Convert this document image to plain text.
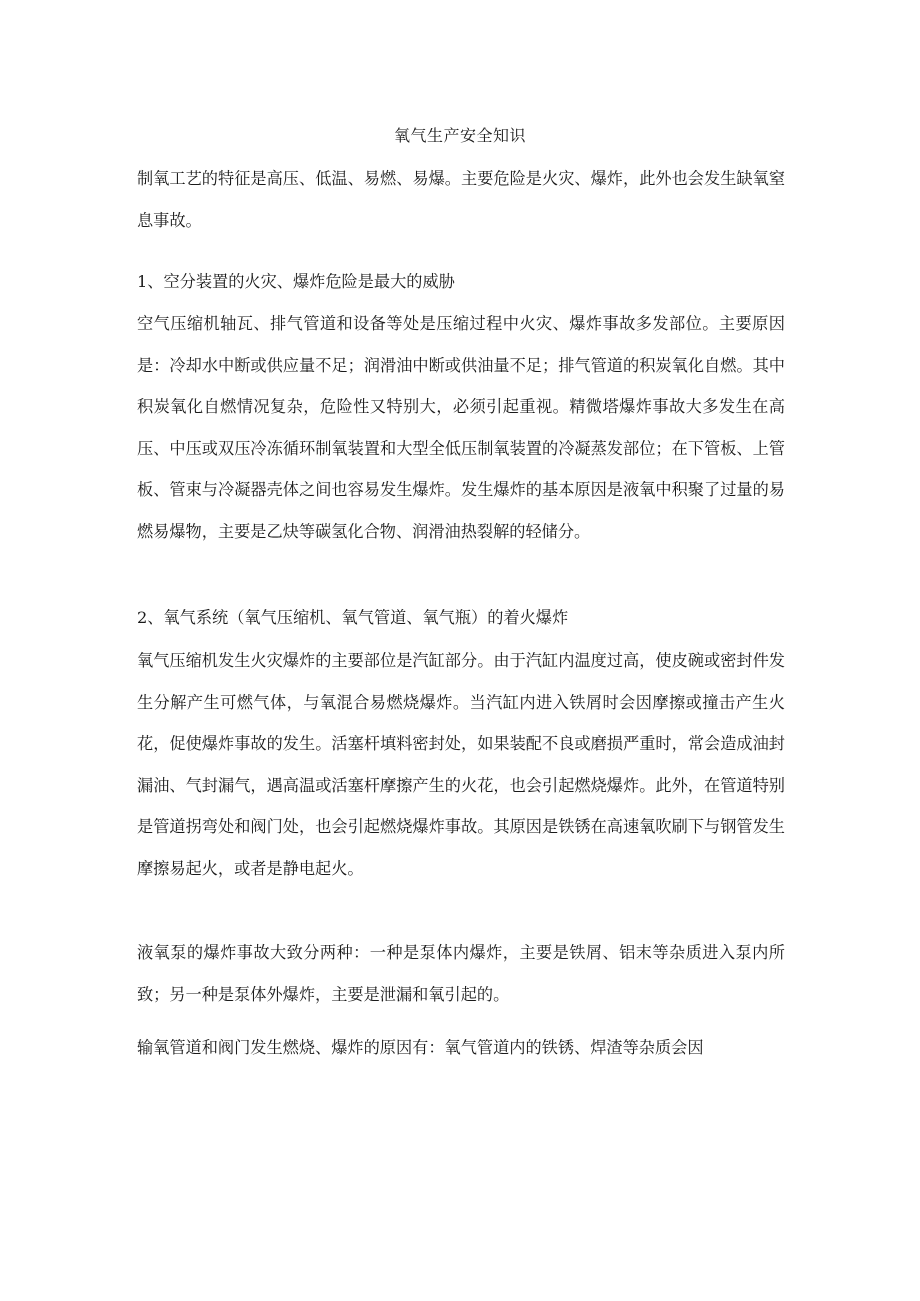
氧气生产安全知识

制氧工艺的特征是高压、低温、易燃、易爆。主要危险是火灾、爆炸，此外也会发生缺氧窒息事故。

1、空分装置的火灾、爆炸危险是最大的威胁

空气压缩机轴瓦、排气管道和设备等处是压缩过程中火灾、爆炸事故多发部位。主要原因是：冷却水中断或供应量不足；润滑油中断或供油量不足；排气管道的积炭氧化自燃。其中积炭氧化自燃情况复杂，危险性又特别大，必须引起重视。精微塔爆炸事故大多发生在高压、中压或双压冷冻循环制氧装置和大型全低压制氧装置的冷凝蒸发部位；在下管板、上管板、管束与冷凝器壳体之间也容易发生爆炸。发生爆炸的基本原因是液氧中积聚了过量的易燃易爆物，主要是乙炔等碳氢化合物、润滑油热裂解的轻储分。

2、氧气系统（氧气压缩机、氧气管道、氧气瓶）的着火爆炸

氧气压缩机发生火灾爆炸的主要部位是汽缸部分。由于汽缸内温度过高，使皮碗或密封件发生分解产生可燃气体，与氧混合易燃烧爆炸。当汽缸内进入铁屑时会因摩擦或撞击产生火花，促使爆炸事故的发生。活塞杆填料密封处，如果装配不良或磨损严重时，常会造成油封漏油、气封漏气，遇高温或活塞杆摩擦产生的火花，也会引起燃烧爆炸。此外，在管道特别是管道拐弯处和阀门处，也会引起燃烧爆炸事故。其原因是铁锈在高速氧吹刷下与钢管发生摩擦易起火，或者是静电起火。

液氧泵的爆炸事故大致分两种：一种是泵体内爆炸，主要是铁屑、铝末等杂质进入泵内所致；另一种是泵体外爆炸，主要是泄漏和氧引起的。

输氧管道和阀门发生燃烧、爆炸的原因有：氧气管道内的铁锈、焊渣等杂质会因
